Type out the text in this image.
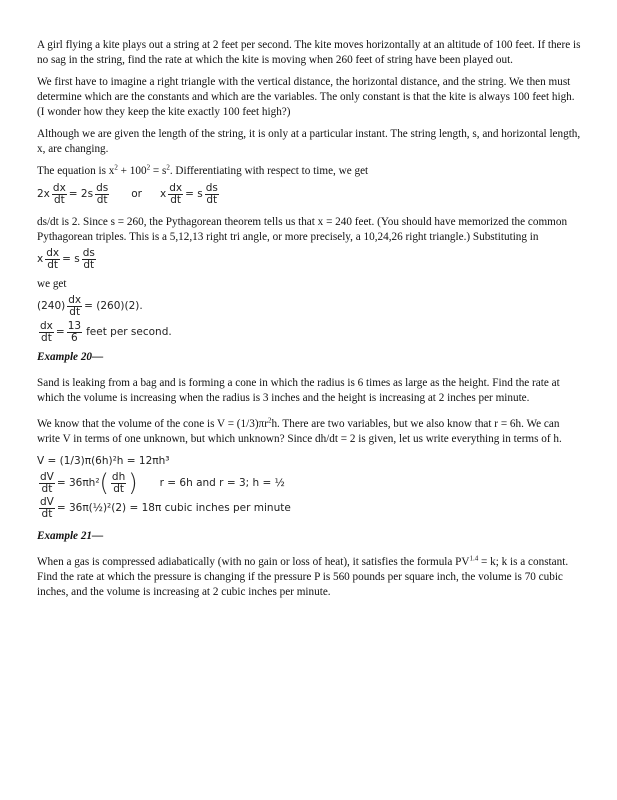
A girl flying a kite plays out a string at 2 feet per second. The kite moves horizontally at an altitude of 100 feet. If there is no sag in the string, find the rate at which the kite is moving when 260 feet of string have been played out.

We first have to imagine a right triangle with the vertical distance, the horizontal distance, and the string. We then must determine which are the constants and which are the variables. The only constant is that the kite is always 100 feet high. (I wonder how they keep the kite exactly 100 feet high?)

Although we are given the length of the string, it is only at a particular instant. The string length, s, and horizontal length, x, are changing.

The equation is $x^2 + 100^2 = s^2$. Differentiating with respect to time, we get

$2x \frac{dx}{dt} = 2s \frac{ds}{dt}$ or x $\frac{dx}{dt} = s \frac{ds}{dt}$

ds/dt is 2. Since s = 260, the Pythagorean theorem tells us that x = 240 feet. (You should have memorized the common Pythagorean triples. This is a 5,12,13 right tri angle, or more precisely, a 10,24,26 right triangle.) Substituting in

x $\frac{dx}{dt} = s \frac{ds}{dt}$

we get

$(240) \frac{dx}{dt} = (260)(2)$.
$\frac{dx}{dt} = \frac{13}{6}$ feet per second.

Example 20—

Sand is leaking from a bag and is forming a cone in which the radius is 6 times as large as the height. Find the rate at which the volume is increasing when the radius is 3 inches and the height is increasing at 2 inches per minute.

We know that the volume of the cone is $V = (1/3)\pi r^2h$. There are two variables, but we also know that r = 6h. We can write V in terms of one unknown, but which unknown? Since dh/dt = 2 is given, let us write everything in terms of h.

V = (1/3)π(6h)²h = 12πh³
$\frac{dV}{dt} = 36\pi h^2$ ( $\frac{dh}{dt}$ ) r = 6h and r = 3; h = ½
$\frac{dV}{dt}$ = 36π(½)²(2) = 18π cubic inches per minute

Example 21—

When a gas is compressed adiabatically (with no gain or loss of heat), it satisfies the formula $PV^{1.4} = k$; k is a constant. Find the rate at which the pressure is changing if the pressure P is 560 pounds per square inch, the volume is 70 cubic inches, and the volume is increasing at 2 cubic inches per minute.
